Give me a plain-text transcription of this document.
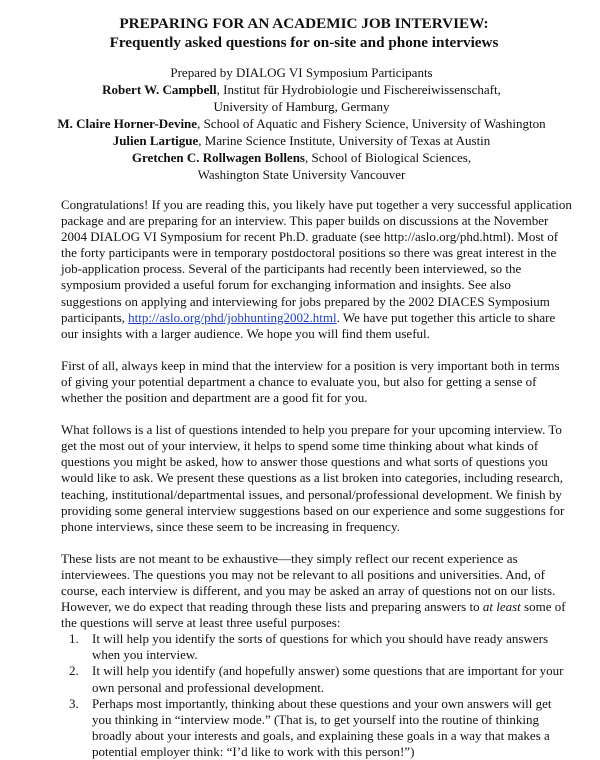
PREPARING FOR AN ACADEMIC JOB INTERVIEW:
Frequently asked questions for on-site and phone interviews
Prepared by DIALOG VI Symposium Participants
Robert W. Campbell, Institut für Hydrobiologie und Fischereiwissenschaft,
University of Hamburg, Germany
M. Claire Horner-Devine, School of Aquatic and Fishery Science, University of Washington
Julien Lartigue, Marine Science Institute, University of Texas at Austin
Gretchen C. Rollwagen Bollens, School of Biological Sciences,
Washington State University Vancouver

Congratulations! If you are reading this, you likely have put together a very successful application package and are preparing for an interview. This paper builds on discussions at the November 2004 DIALOG VI Symposium for recent Ph.D. graduate (see http://aslo.org/phd.html). Most of the forty participants were in temporary postdoctoral positions so there was great interest in the job-application process. Several of the participants had recently been interviewed, so the symposium provided a useful forum for exchanging information and insights. See also suggestions on applying and interviewing for jobs prepared by the 2002 DIACES Symposium participants, http://aslo.org/phd/jobhunting2002.html. We have put together this article to share our insights with a larger audience. We hope you will find them useful.

First of all, always keep in mind that the interview for a position is very important both in terms of giving your potential department a chance to evaluate you, but also for getting a sense of whether the position and department are a good fit for you.

What follows is a list of questions intended to help you prepare for your upcoming interview. To get the most out of your interview, it helps to spend some time thinking about what kinds of questions you might be asked, how to answer those questions and what sorts of questions you would like to ask. We present these questions as a list broken into categories, including research, teaching, institutional/departmental issues, and personal/professional development. We finish by providing some general interview suggestions based on our experience and some suggestions for phone interviews, since these seem to be increasing in frequency.

These lists are not meant to be exhaustive—they simply reflect our recent experience as interviewees. The questions you may not be relevant to all positions and universities. And, of course, each interview is different, and you may be asked an array of questions not on our lists. However, we do expect that reading through these lists and preparing answers to at least some of the questions will serve at least three useful purposes:

1. It will help you identify the sorts of questions for which you should have ready answers when you interview.
2. It will help you identify (and hopefully answer) some questions that are important for your own personal and professional development.
3. Perhaps most importantly, thinking about these questions and your own answers will get you thinking in “interview mode.” (That is, to get yourself into the routine of thinking broadly about your interests and goals, and explaining these goals in a way that makes a potential employer think: “I’d like to work with this person!”)
